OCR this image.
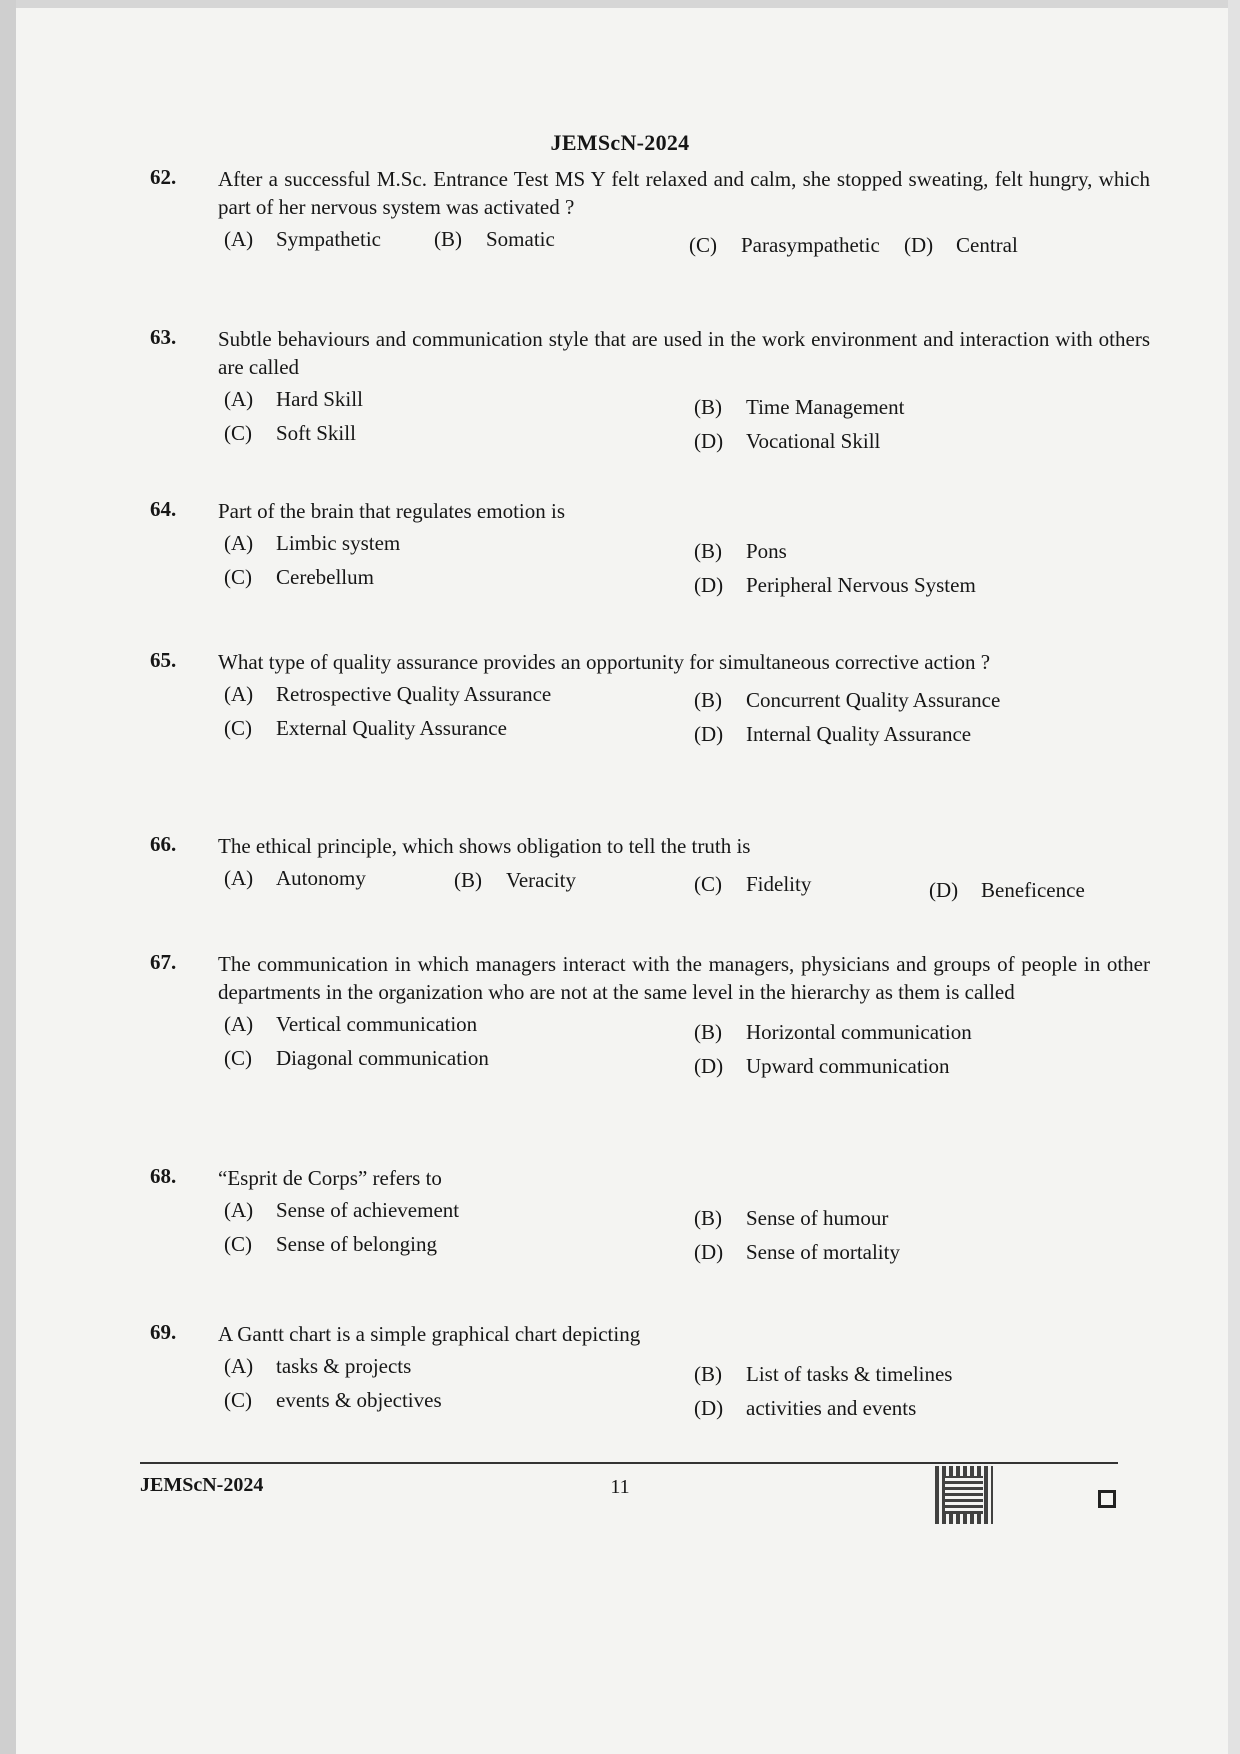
JEMScN-2024
62.	After a successful M.Sc. Entrance Test MS Y felt relaxed and calm, she stopped sweating, felt hungry, which part of her nervous system was activated ?
(A) Sympathetic	(B) Somatic	(C) Parasympathetic (D) Central
63.	Subtle behaviours and communication style that are used in the work environment and interaction with others are called
(A) Hard Skill	(B) Time Management
(C) Soft Skill	(D) Vocational Skill
64.	Part of the brain that regulates emotion is
(A) Limbic system	(B) Pons
(C) Cerebellum	(D) Peripheral Nervous System
65.	What type of quality assurance provides an opportunity for simultaneous corrective action ?
(A) Retrospective Quality Assurance	(B) Concurrent Quality Assurance
(C) External Quality Assurance	(D) Internal Quality Assurance
66.	The ethical principle, which shows obligation to tell the truth is
(A) Autonomy	(B) Veracity	(C) Fidelity	(D) Beneficence
67.	The communication in which managers interact with the managers, physicians and groups of people in other departments in the organization who are not at the same level in the hierarchy as them is called
(A) Vertical communication	(B) Horizontal communication
(C) Diagonal communication	(D) Upward communication
68.	“Esprit de Corps” refers to
(A) Sense of achievement	(B) Sense of humour
(C) Sense of belonging	(D) Sense of mortality
69.	A Gantt chart is a simple graphical chart depicting
(A) tasks & projects	(B) List of tasks & timelines
(C) events & objectives	(D) activities and events
JEMScN-2024	11
